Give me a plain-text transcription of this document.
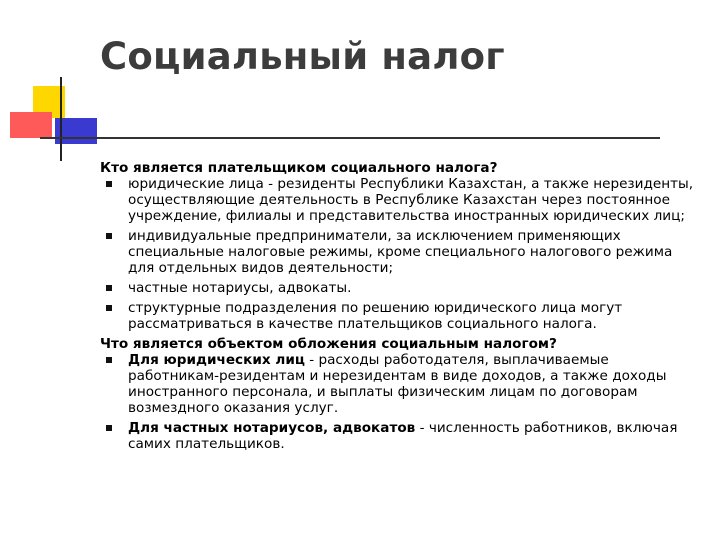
Социальный налог

Кто является плательщиком социального налога?

юридические лица - резиденты Республики Казахстан, а также нерезиденты, осуществляющие деятельность в Республике Казахстан через постоянное учреждение, филиалы и представительства иностранных юридических лиц;
индивидуальные предприниматели, за исключением применяющих специальные налоговые режимы, кроме специального налогового режима для отдельных видов деятельности;
частные нотариусы, адвокаты.
структурные подразделения по решению юридического лица могут рассматриваться в качестве плательщиков социального налога.

Что является объектом обложения социальным налогом?

Для юридических лиц - расходы работодателя, выплачиваемые работникам-резидентам и нерезидентам в виде доходов, а также доходы иностранного персонала, и выплаты физическим лицам по договорам возмездного оказания услуг.
Для частных нотариусов, адвокатов - численность работников, включая самих плательщиков.
